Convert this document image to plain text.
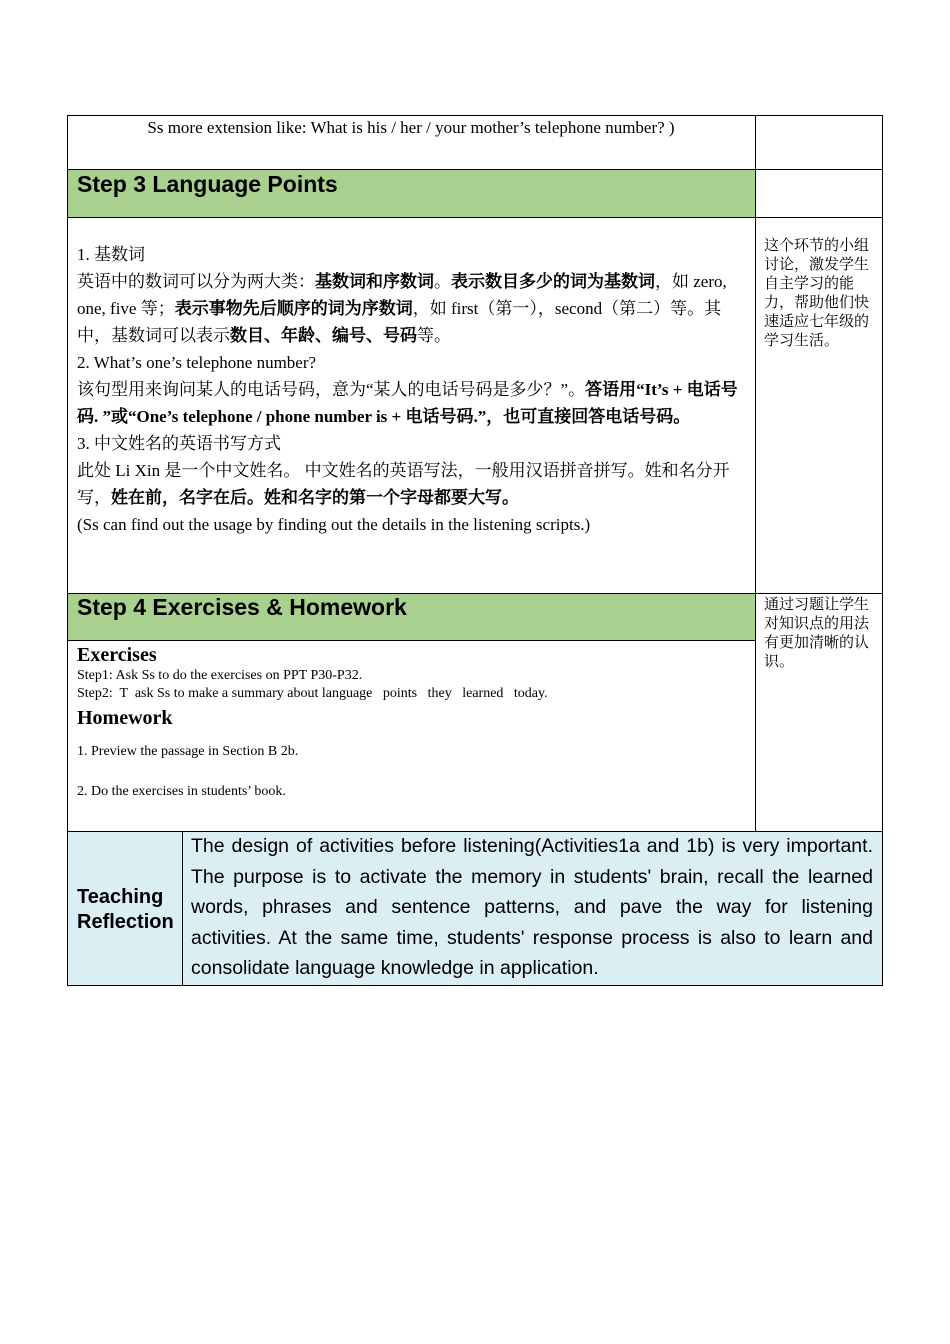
Ss more extension like: What is his / her / your mother’s telephone number? )
Step 3 Language Points
1. 基数词
英语中的数词可以分为两大类：基数词和序数词。表示数目多少的词为基数词，如 zero, one, five 等；表示事物先后顺序的词为序数词，如 first（第一），second（第二）等。其中，基数词可以表示数目、年龄、编号、号码等。
2. What’s one’s telephone number?
该句型用来询问某人的电话号码，意为“某人的电话号码是多少？”。答语用“It’s + 电话号码. ”或“One’s telephone / phone number is + 电话号码.”，也可直接回答电话号码。
3. 中文姓名的英语书写方式
此处 Li Xin 是一个中文姓名。 中文姓名的英语写法，一般用汉语拼音拼写。姓和名分开写，姓在前，名字在后。姓和名字的第一个字母都要大写。
(Ss can find out the usage by finding out the details in the listening scripts.)
这个环节的小组讨论，激发学生自主学习的能力，帮助他们快速适应七年级的学习生活。
Step 4 Exercises & Homework	通过习题让学生对知识点的用法有更加清晰的认识。
Exercises
Step1: Ask Ss to do the exercises on PPT P30-P32.
Step2:  T  ask Ss to make a summary about language   points   they   learned   today.
Homework
1. Preview the passage in Section B 2b.
2. Do the exercises in students’ book.
Teaching
Reflection
The design of activities before listening(Activities1a and 1b) is very important. The purpose is to activate the memory in students' brain, recall the learned words, phrases and sentence patterns, and pave the way for listening activities. At the same time, students' response process is also to learn and consolidate language knowledge in application.
